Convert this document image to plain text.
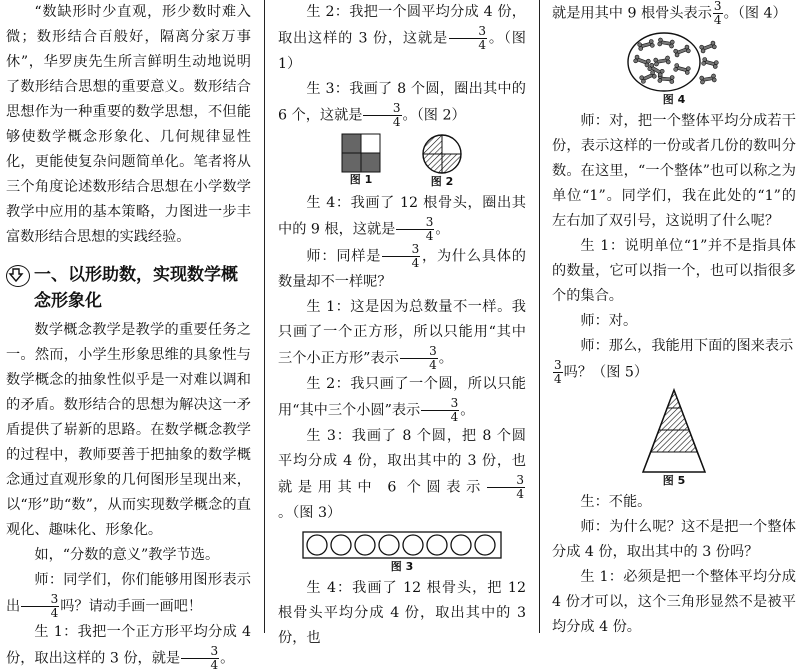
“数缺形时少直观，形少数时难入微；数形结合百般好，隔离分家万事休”，华罗庚先生所言鲜明生动地说明了数形结合思想的重要意义。数形结合思想作为一种重要的数学思想，不但能够使数学概念形象化、几何规律显性化，更能使复杂问题简单化。笔者将从三个角度论述数形结合思想在小学数学教学中应用的基本策略，力图进一步丰富数形结合思想的实践经验。

一、以形助数，实现数学概念形象化

数学概念教学是教学的重要任务之一。然而，小学生形象思维的具象性与数学概念的抽象性似乎是一对难以调和的矛盾。数形结合的思想为解决这一矛盾提供了崭新的思路。在数学概念教学的过程中，教师要善于把抽象的数学概念通过直观形象的几何图形呈现出来，以“形”助“数”，从而实现数学概念的直观化、趣味化、形象化。

如，“分数的意义”教学节选。

师：同学们，你们能够用图形表示出 $\frac{3}{4}$ 吗？请动手画一画吧！

生 1：我把一个正方形平均分成 4 份，取出这样的 3 份，就是 $\frac{3}{4}$ 。

生 2：我把一个圆平均分成 4 份，取出这样的 3 份，这就是 $\frac{3}{4}$ 。（图 1）

生 3：我画了 8 个圆，圈出其中的 6 个，这就是 $\frac{3}{4}$ 。（图 2）

图 1	图 2

生 4：我画了 12 根骨头，圈出其中的 9 根，这就是 $\frac{3}{4}$ 。

师：同样是 $\frac{3}{4}$ ，为什么具体的数量却不一样呢？

生 1：这是因为总数量不一样。我只画了一个正方形，所以只能用“其中三个小正方形”表示 $\frac{3}{4}$ 。

生 2：我只画了一个圆，所以只能用“其中三个小圆”表示 $\frac{3}{4}$ 。

生 3：我画了 8 个圆，把 8 个圆平均分成 4 份，取出其中的 3 份，也就是用其中 6 个圆表示 $\frac{3}{4}$
。（图 3）

图 3

生 4：我画了 12 根骨头，把 12 根骨头平均分成 4 份，取出其中的 3 份，也

就是用其中 9 根骨头表示 $\frac{3}{4}$ 。（图 4）

图 4

师：对，把一个整体平均分成若干份，表示这样的一份或者几份的数叫分数。在这里，“一个整体”也可以称之为单位“1”。同学们，我在此处的“1”的左右加了双引号，这说明了什么呢？

生 1：说明单位“1”并不是指具体的数量，它可以指一个，也可以指很多个的集合。

师：对。

师：那么，我能用下面的图来表示

$\frac{3}{4}$ 吗？（图 5）

图 5

生：不能。

师：为什么呢？这不是把一个整体分成 4 份，取出其中的 3 份吗？

生 1：必须是把一个整体平均分成 4 份才可以，这个三角形显然不是被平均分成 4 份。
